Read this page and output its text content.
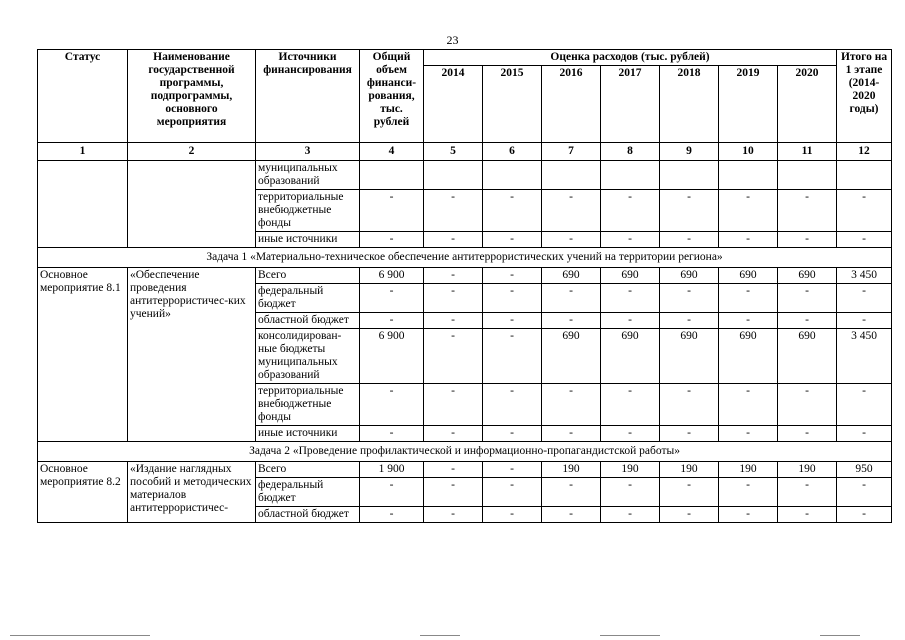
23
Статус	Наименование государственной программы, подпрограммы, основного мероприятия	Источники финансирования	Общий объем финанси-рования, тыс. рублей	Оценка расходов (тыс. рублей)							Итого на 1 этапе (2014-2020 годы)
				2014	2015	2016	2017	2018	2019	2020	
1	2	3	4	5	6	7	8	9	10	11	12
		муниципальных образований									
		территориальные внебюджетные фонды	-	-	-	-	-	-	-	-	-
		иные источники	-	-	-	-	-	-	-	-	-
Задача 1 «Материально-техническое обеспечение антитеррористических учений на территории региона»											
Основное мероприятие 8.1	«Обеспечение проведения антитеррористичес-ких учений»	Всего	6 900	-	-	690	690	690	690	690	3 450
		федеральный бюджет	-	-	-	-	-	-	-	-	-
		областной бюджет	-	-	-	-	-	-	-	-	-
		консолидирован-ные бюджеты муниципальных образований	6 900	-	-	690	690	690	690	690	3 450
		территориальные внебюджетные фонды	-	-	-	-	-	-	-	-	-
		иные источники	-	-	-	-	-	-	-	-	-
Задача 2 «Проведение профилактической и информационно-пропагандистской работы»											
Основное мероприятие 8.2	«Издание наглядных пособий и методических материалов антитеррористичес-	Всего	1 900	-	-	190	190	190	190	190	950
		федеральный бюджет	-	-	-	-	-	-	-	-	-
		областной бюджет	-	-	-	-	-	-	-	-	-
